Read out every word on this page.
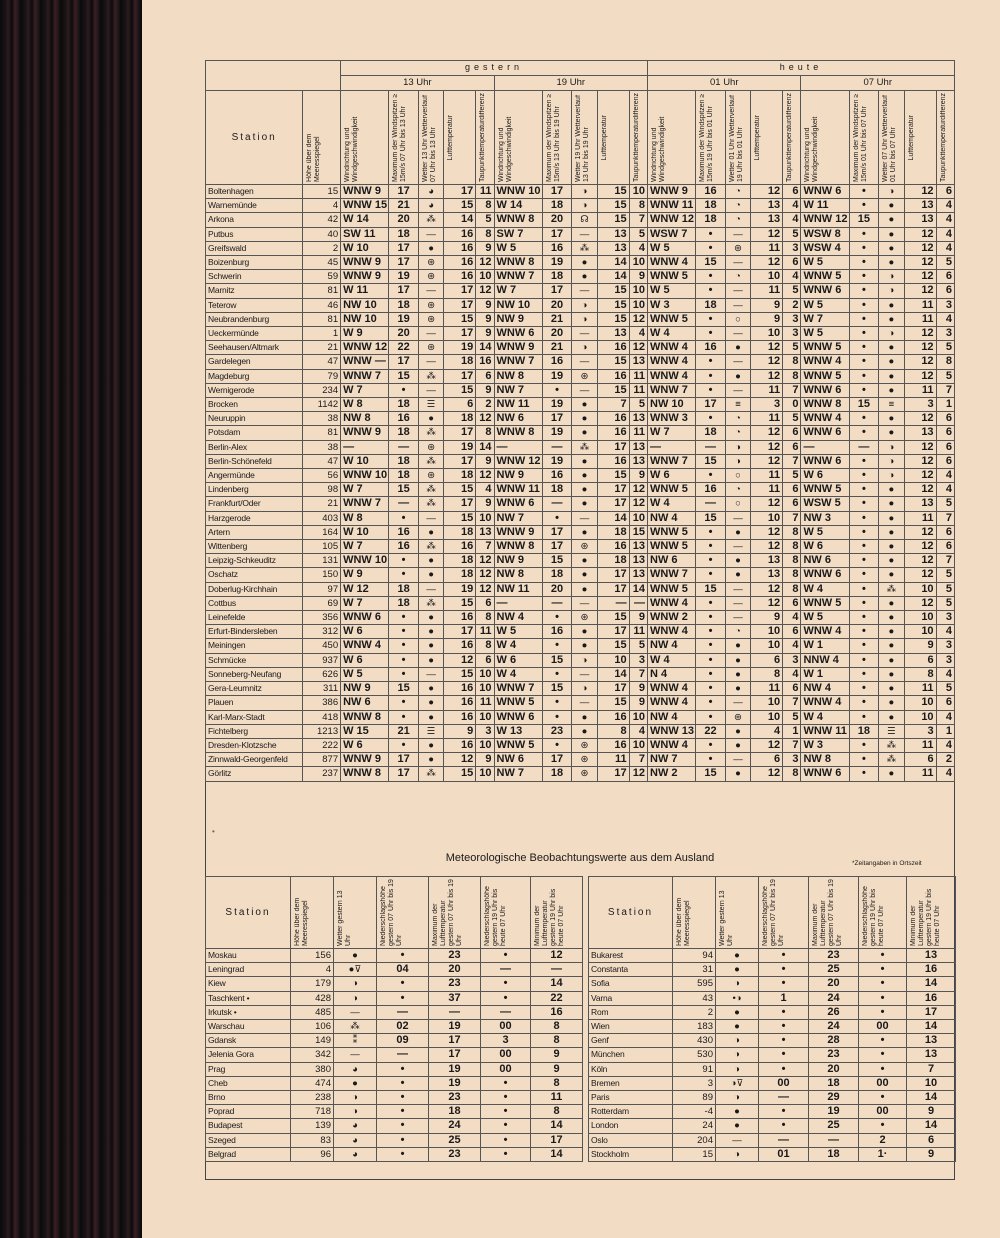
		gestern										heute									
		13 Uhr					19 Uhr					01 Uhr					07 Uhr				
Station	Höhe über dem Meeresspiegel	Windrichtung und Windgeschwindigkeit	Maximum der Windspitzen ≥ 15m/s 07 Uhr bis 13 Uhr	Wetter 13 Uhr Wetterverlauf 07 Uhr bis 13 Uhr	Lufttemperatur	Taupunkttemperaturdifferenz	Windrichtung und Windgeschwindigkeit	Maximum der Windspitzen ≥ 15m/s 13 Uhr bis 19 Uhr	Wetter 19 Uhr Wetterverlauf 13 Uhr bis 19 Uhr	Lufttemperatur	Taupunkttemperaturdifferenz	Windrichtung und Windgeschwindigkeit	Maximum der Windspitzen ≥ 15m/s 19 Uhr bis 01 Uhr	Wetter 01 Uhr Wetterverlauf 19 Uhr bis 01 Uhr	Lufttemperatur	Taupunkttemperaturdifferenz	Windrichtung und Windgeschwindigkeit	Maximum der Windspitzen ≥ 15m/s 01 Uhr bis 07 Uhr	Wetter 07 Uhr Wetterverlauf 01 Uhr bis 07 Uhr	Lufttemperatur	Taupunkttemperaturdifferenz

Boltenhagen	15	WNW 9	17	◕	17	11	WNW 10	17	◑	15	10	WNW 9	16	◔	12	6	WNW 6	•	◑	12	6
Warnemünde	4	WNW 15	21	◕	15	8	W 14	18	◑	15	8	WNW 11	18	◔	13	4	W 11	•	●	13	4
Arkona	42	W 14	20	⁂	14	5	WNW 8	20	☊	15	7	WNW 12	18	◔	13	4	WNW 12	15	●	13	4
Putbus	40	SW 11	18	—	16	8	SW 7	17	—	13	5	WSW 7	•	—	12	5	WSW 8	•	●	12	4
Greifswald	2	W 10	17	●	16	9	W 5	16	⁂	13	4	W 5	•	⊛	11	3	WSW 4	•	●	12	4
Boizenburg	45	WNW 9	17	⊛	16	12	WNW 8	19	●	14	10	WNW 4	15	—	12	6	W 5	•	●	12	5
Schwerin	59	WNW 9	19	⊛	16	10	WNW 7	18	●	14	9	WNW 5	•	◔	10	4	WNW 5	•	◑	12	6
Marnitz	81	W 11	17	—	17	12	W 7	17	—	15	10	W 5	•	—	11	5	WNW 6	•	◑	12	6
Teterow	46	NW 10	18	⊛	17	9	NW 10	20	◑	15	10	W 3	18	—	9	2	W 5	•	●	11	3
Neubrandenburg	81	NW 10	19	⊛	15	9	NW 9	21	◑	15	12	WNW 5	•	○	9	3	W 7	•	●	11	4
Ueckermünde	1	W 9	20	—	17	9	WNW 6	20	—	13	4	W 4	•	—	10	3	W 5	•	◑	12	3
Seehausen/Altmark	21	WNW 12	22	⊛	19	14	WNW 9	21	◑	16	12	WNW 4	16	●	12	5	WNW 5	•	●	12	5
Gardelegen	47	WNW —	17	—	18	16	WNW 7	16	—	15	13	WNW 4	•	—	12	8	WNW 4	•	●	12	8
Magdeburg	79	WNW 7	15	⁂	17	6	NW 8	19	⊛	16	11	WNW 4	•	●	12	8	WNW 5	•	●	12	5
Wernigerode	234	W 7	•	—	15	9	NW 7	•	—	15	11	WNW 7	•	—	11	7	WNW 6	•	●	11	7
Brocken	1142	W 8	18	☰	6	2	NW 11	19	●	7	5	NW 10	17	≡	3	0	WNW 8	15	≡	3	1
Neuruppin	38	NW 8	16	●	18	12	NW 6	17	●	16	13	WNW 3	•	◔	11	5	WNW 4	•	●	12	6
Potsdam	81	WNW 9	18	⁂	17	8	WNW 8	19	●	16	11	W 7	18	◔	12	6	WNW 6	•	●	13	6
Berlin-Alex	38	—	—	⊛	19	14	—	—	⁂	17	13	—	—	◑	12	6	—	—	◑	12	6
Berlin-Schönefeld	47	W 10	18	⁂	17	9	WNW 12	19	●	16	13	WNW 7	15	◑	12	7	WNW 6	•	◑	12	6
Angermünde	56	WNW 10	18	⊛	18	12	NW 9	16	●	15	9	W 6	•	○	11	5	W 6	•	◑	12	4
Lindenberg	98	W 7	15	⁂	15	4	WNW 11	18	●	17	12	WNW 5	16	◔	11	6	WNW 5	•	●	12	4
Frankfurt/Oder	21	WNW 7	—	⁂	17	9	WNW 6	—	●	17	12	W 4	—	○	12	6	WSW 5	•	●	13	5
Harzgerode	403	W 8	•	—	15	10	NW 7	•	—	14	10	NW 4	15	—	10	7	NW 3	•	●	11	7
Artern	164	W 10	16	●	18	13	WNW 9	17	●	18	15	WNW 5	•	●	12	8	W 5	•	●	12	6
Wittenberg	105	W 7	16	⁂	16	7	WNW 8	17	⊛	16	13	WNW 5	•	—	12	8	W 6	•	●	12	6
Leipzig-Schkeuditz	131	WNW 10	•	●	18	12	NW 9	15	●	18	13	NW 6	•	●	13	8	NW 6	•	●	12	7
Oschatz	150	W 9	•	●	18	12	NW 8	18	●	17	13	WNW 7	•	●	13	8	WNW 6	•	●	12	5
Doberlug-Kirchhain	97	W 12	18	—	19	12	NW 11	20	●	17	14	WNW 5	15	—	12	8	W 4	•	⁂	10	5
Cottbus	69	W 7	18	⁂	15	6	—	—	—	—	—	WNW 4	•	—	12	6	WNW 5	•	●	12	5
Leinefelde	356	WNW 6	•	●	16	8	NW 4	•	⊛	15	9	WNW 2	•	—	9	4	W 5	•	●	10	3
Erfurt-Bindersleben	312	W 6	•	●	17	11	W 5	16	●	17	11	WNW 4	•	◔	10	6	WNW 4	•	●	10	4
Meiningen	450	WNW 4	•	●	16	8	W 4	•	●	15	5	NW 4	•	●	10	4	W 1	•	●	9	3
Schmücke	937	W 6	•	●	12	6	W 6	15	◑	10	3	W 4	•	●	6	3	NNW 4	•	●	6	3
Sonneberg-Neufang	626	W 5	•	—	15	10	W 4	•	—	14	7	N 4	•	●	8	4	W 1	•	●	8	4
Gera-Leumnitz	311	NW 9	15	●	16	10	WNW 7	15	◑	17	9	WNW 4	•	●	11	6	NW 4	•	●	11	5
Plauen	386	NW 6	•	●	16	11	WNW 5	•	—	15	9	WNW 4	•	—	10	7	WNW 4	•	●	10	6
Karl-Marx-Stadt	418	WNW 8	•	●	16	10	WNW 6	•	●	16	10	NW 4	•	⊛	10	5	W 4	•	●	10	4
Fichtelberg	1213	W 15	21	☰	9	3	W 13	23	●	8	4	WNW 13	22	●	4	1	WNW 11	18	☰	3	1
Dresden-Klotzsche	222	W 6	•	●	16	10	WNW 5	•	⊛	16	10	WNW 4	•	●	12	7	W 3	•	⁂	11	4
Zinnwald-Georgenfeld	877	WNW 9	17	●	12	9	NW 6	17	⊛	11	7	NW 7	•	—	6	3	NW 8	•	⁂	6	2
Görlitz	237	WNW 8	17	⁂	15	10	NW 7	18	⊛	17	12	NW 2	15	●	12	8	WNW 6	•	●	11	4
•
Meteorologische Beobachtungswerte aus dem Ausland	*Zeitangaben in Ortszeit
Station	Höhe über dem Meeresspiegel	Wetter gestern 13 Uhr	Niederschlagshöhe gestern 07 Uhr bis 19 Uhr	Maximum der Lufttemperatur gestern 07 Uhr bis 19 Uhr	Niederschlagshöhe gestern 19 Uhr bis heute 07 Uhr	Minimum der Lufttemperatur gestern 19 Uhr bis heute 07 Uhr

Moskau	156	●	•	23	•	12
Leningrad	4	●⊽	04	20	—	—
Kiew	179	◑	•	23	•	14
Taschkent •	428	◑	•	37	•	22
Irkutsk •	485	—	—	—	—	16
Warschau	106	⁂	02	19	00	8
Gdansk	149	⁑	09	17	3	8
Jelenia Gora	342	—	—	17	00	9
Prag	380	◕	•	19	00	9
Cheb	474	●	•	19	•	8
Brno	238	◑	•	23	•	11
Poprad	718	◑	•	18	•	8
Budapest	139	◕	•	24	•	14
Szeged	83	◕	•	25	•	17
Belgrad	96	◕	•	23	•	14
Station	Höhe über dem Meeresspiegel	Wetter gestern 13 Uhr	Niederschlagshöhe gestern 07 Uhr bis 19 Uhr	Maximum der Lufttemperatur gestern 07 Uhr bis 19 Uhr	Niederschlagshöhe gestern 19 Uhr bis heute 07 Uhr	Minimum der Lufttemperatur gestern 19 Uhr bis heute 07 Uhr

Bukarest	94	●	•	23	•	13
Constanta	31	●	•	25	•	16
Sofia	595	◑	•	20	•	14
Varna	43	•◑	1	24	•	16
Rom	2	●	•	26	•	17
Wien	183	●	•	24	00	14
Genf	430	◑	•	28	•	13
München	530	◑	•	23	•	13
Köln	91	◑	•	20	•	7
Bremen	3	◑⊽	00	18	00	10
Paris	89	◑	—	29	•	14
Rotterdam	-4	●	•	19	00	9
London	24	●	•	25	•	14
Oslo	204	—	—	—	2	6
Stockholm	15	◑	01	18	1·	9
